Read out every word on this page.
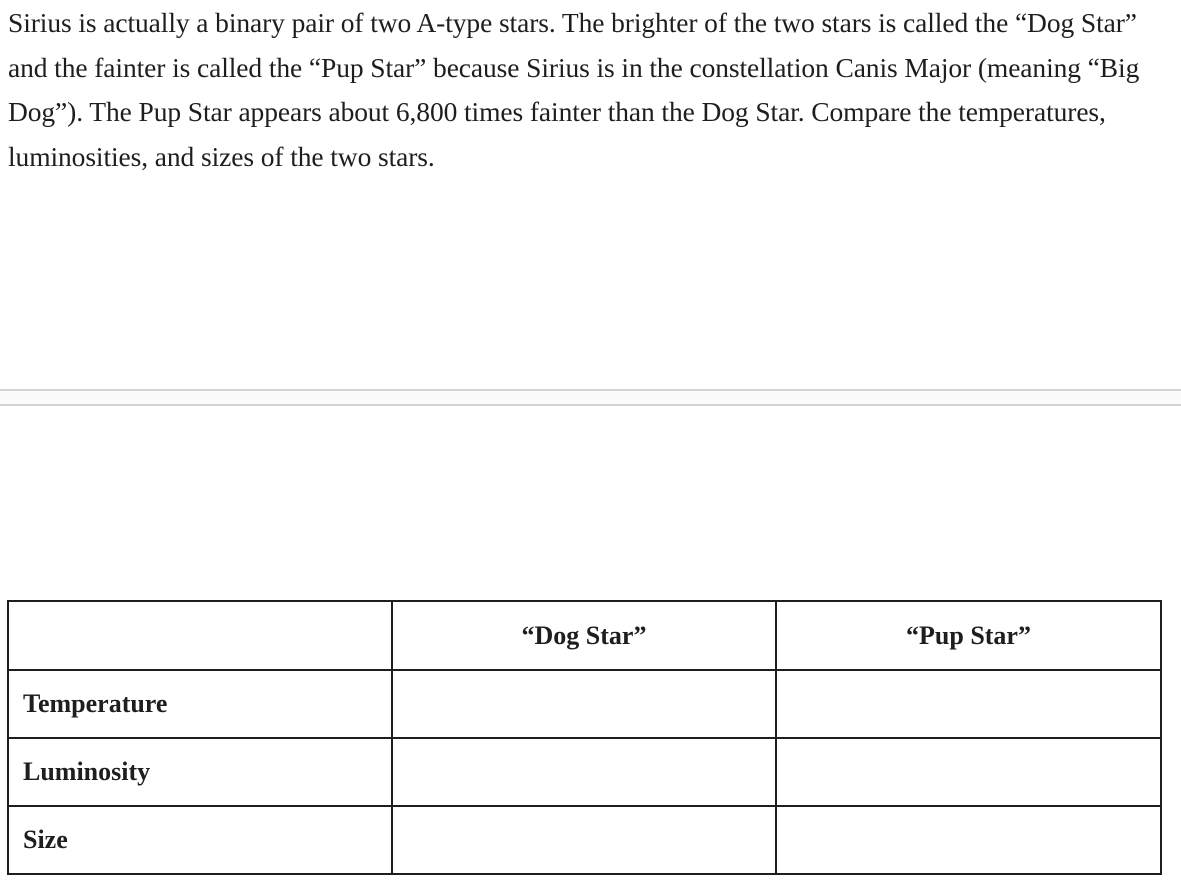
Sirius is actually a binary pair of two A-type stars. The brighter of the two stars is called the “Dog Star” and the fainter is called the “Pup Star” because Sirius is in the constellation Canis Major (meaning “Big Dog”). The Pup Star appears about 6,800 times fainter than the Dog Star. Compare the temperatures, luminosities, and sizes of the two stars.

	“Dog Star”	“Pup Star”
Temperature		
Luminosity		
Size		
